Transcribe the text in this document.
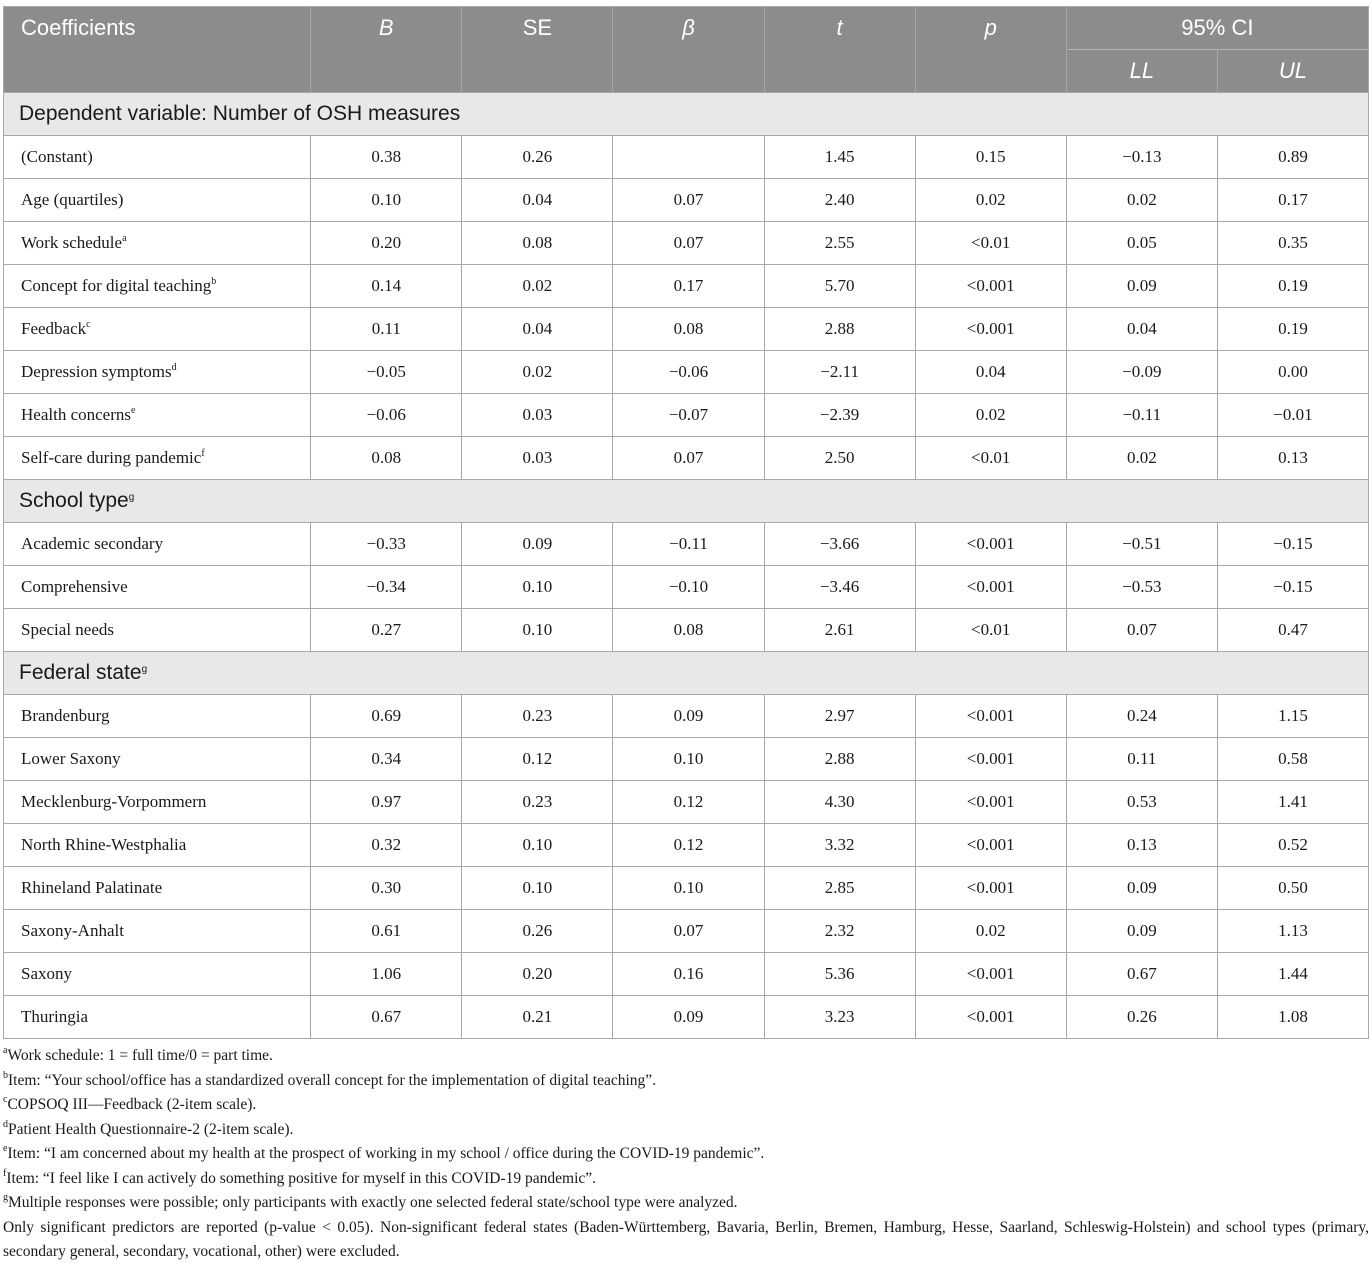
Coefficients	B	SE	β	t	p	95% CI	
						LL	UL
Dependent variable: Number of OSH measures							
(Constant)	0.38	0.26		1.45	0.15	−0.13	0.89
Age (quartiles)	0.10	0.04	0.07	2.40	0.02	0.02	0.17
Work schedule$^a$	0.20	0.08	0.07	2.55	<0.01	0.05	0.35
Concept for digital teaching$^b$	0.14	0.02	0.17	5.70	<0.001	0.09	0.19
Feedback$^c$	0.11	0.04	0.08	2.88	<0.001	0.04	0.19
Depression symptoms$^d$	−0.05	0.02	−0.06	−2.11	0.04	−0.09	0.00
Health concerns$^e$	−0.06	0.03	−0.07	−2.39	0.02	−0.11	−0.01
Self-care during pandemic$^f$	0.08	0.03	0.07	2.50	<0.01	0.02	0.13
School type$^g$
Academic secondary	−0.33	0.09	−0.11	−3.66	<0.001	−0.51	−0.15
Comprehensive	−0.34	0.10	−0.10	−3.46	<0.001	−0.53	−0.15
Special needs	0.27	0.10	0.08	2.61	<0.01	0.07	0.47
Federal state$^g$
Brandenburg	0.69	0.23	0.09	2.97	<0.001	0.24	1.15
Lower Saxony	0.34	0.12	0.10	2.88	<0.001	0.11	0.58
Mecklenburg-Vorpommern	0.97	0.23	0.12	4.30	<0.001	0.53	1.41
North Rhine-Westphalia	0.32	0.10	0.12	3.32	<0.001	0.13	0.52
Rhineland Palatinate	0.30	0.10	0.10	2.85	<0.001	0.09	0.50
Saxony-Anhalt	0.61	0.26	0.07	2.32	0.02	0.09	1.13
Saxony	1.06	0.20	0.16	5.36	<0.001	0.67	1.44
Thuringia	0.67	0.21	0.09	3.23	<0.001	0.26	1.08

$^a$Work schedule: 1 = full time/0 = part time.

$^b$Item: “Your school/office has a standardized overall concept for the implementation of digital teaching”.

$^c$COPSOQ III—Feedback (2-item scale).

$^d$Patient Health Questionnaire-2 (2-item scale).

$^e$Item: “I am concerned about my health at the prospect of working in my school / office during the COVID-19 pandemic”.

$^f$Item: “I feel like I can actively do something positive for myself in this COVID-19 pandemic”.

$^g$Multiple responses were possible; only participants with exactly one selected federal state/school type were analyzed.

Only significant predictors are reported (p-value < 0.05). Non-significant federal states (Baden-Württemberg, Bavaria, Berlin, Bremen, Hamburg, Hesse, Saarland, Schleswig-Holstein) and school types (primary, secondary general, secondary, vocational, other) were excluded.
